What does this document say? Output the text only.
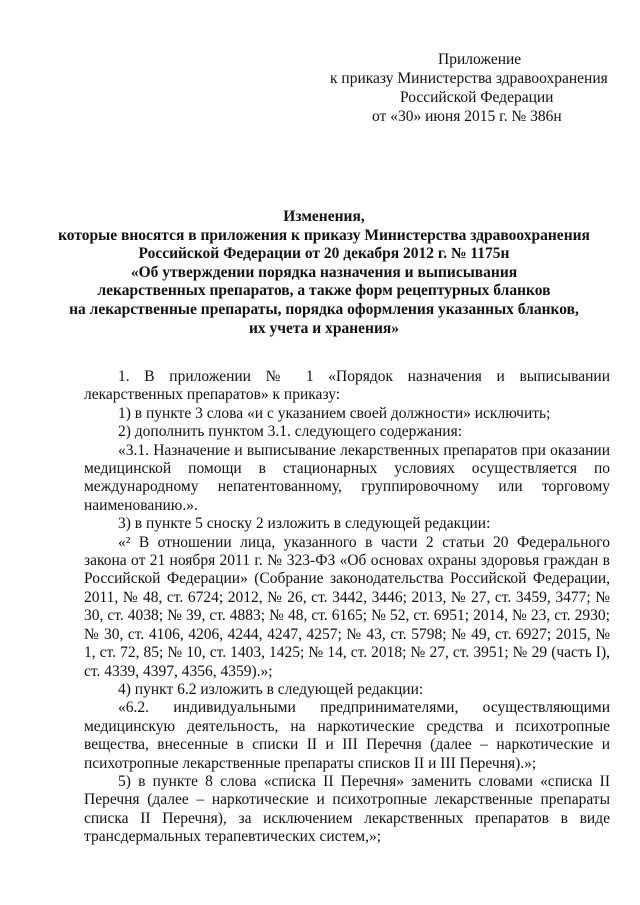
Приложение
к приказу Министерства здравоохранения
Российской Федерации
от «30» июня 2015 г. № 386н
Изменения,
которые вносятся в приложения к приказу Министерства здравоохранения
Российской Федерации от 20 декабря 2012 г. № 1175н
«Об утверждении порядка назначения и выписывания
лекарственных препаратов, а также форм рецептурных бланков
на лекарственные препараты, порядка оформления указанных бланков,
их учета и хранения»

1. В приложении № 1 «Порядок назначения и выписывании лекарственных препаратов» к приказу:

1) в пункте 3 слова «и с указанием своей должности» исключить;

2) дополнить пунктом 3.1. следующего содержания:

«3.1. Назначение и выписывание лекарственных препаратов при оказании медицинской помощи в стационарных условиях осуществляется по международному непатентованному, группировочному или торговому наименованию.».

3) в пункте 5 сноску 2 изложить в следующей редакции:

«² В отношении лица, указанного в части 2 статьи 20 Федерального закона от 21 ноября 2011 г. № 323-ФЗ «Об основах охраны здоровья граждан в Российской Федерации» (Собрание законодательства Российской Федерации, 2011, № 48, ст. 6724; 2012, № 26, ст. 3442, 3446; 2013, № 27, ст. 3459, 3477; № 30, ст. 4038; № 39, ст. 4883; № 48, ст. 6165; № 52, ст. 6951; 2014, № 23, ст. 2930; № 30, ст. 4106, 4206, 4244, 4247, 4257; № 43, ст. 5798; № 49, ст. 6927; 2015, № 1, ст. 72, 85; № 10, ст. 1403, 1425; № 14, ст. 2018; № 27, ст. 3951; № 29 (часть I), ст. 4339, 4397, 4356, 4359).»;

4) пункт 6.2 изложить в следующей редакции:

«6.2. индивидуальными предпринимателями, осуществляющими медицинскую деятельность, на наркотические средства и психотропные вещества, внесенные в списки II и III Перечня (далее – наркотические и психотропные лекарственные препараты списков II и III Перечня).»;

5) в пункте 8 слова «списка II Перечня» заменить словами «списка II Перечня (далее – наркотические и психотропные лекарственные препараты списка II Перечня), за исключением лекарственных препаратов в виде трансдермальных терапевтических систем,»;
